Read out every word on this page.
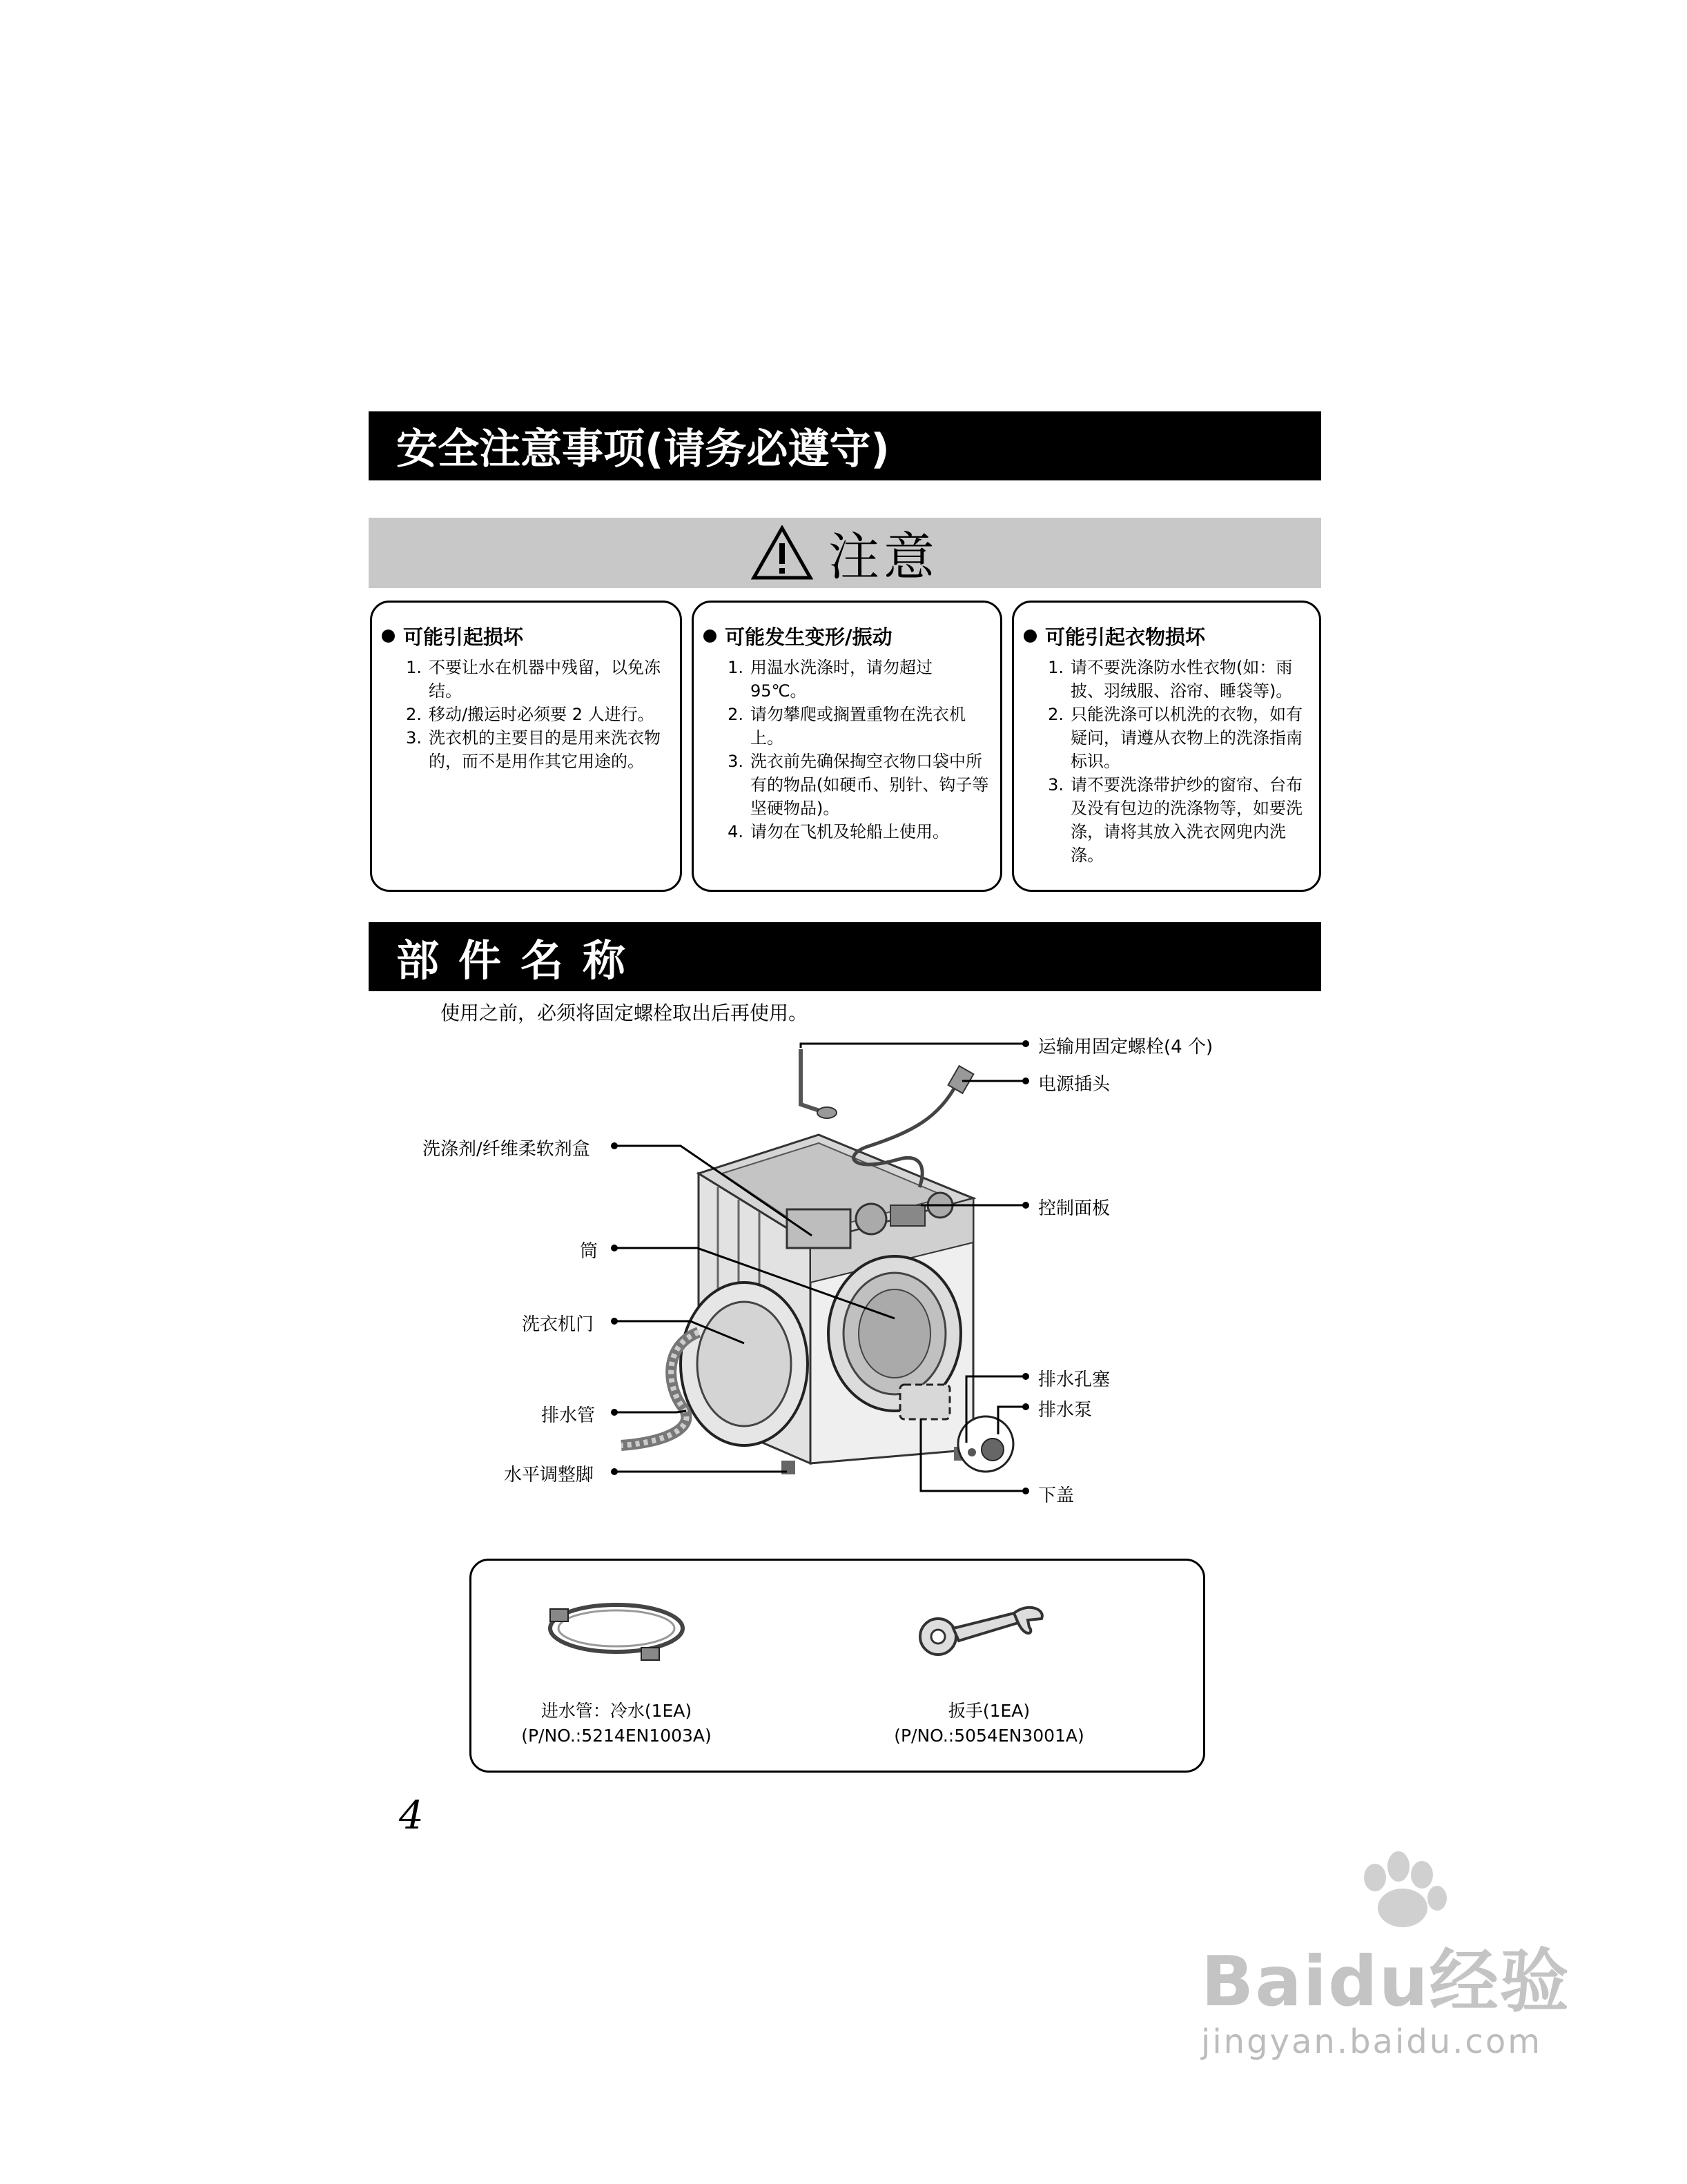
安全注意事项(请务必遵守)
注意
可能引起损坏
1. 不要让水在机器中残留，以免冻结。
2. 移动/搬运时必须要 2 人进行。
3. 洗衣机的主要目的是用来洗衣物的，而不是用作其它用途的。
可能发生变形/振动
1. 用温水洗涤时，请勿超过 95℃。
2. 请勿攀爬或搁置重物在洗衣机上。
3. 洗衣前先确保掏空衣物口袋中所有的物品(如硬币、别针、钩子等坚硬物品)。
4. 请勿在飞机及轮船上使用。
可能引起衣物损坏
1. 请不要洗涤防水性衣物(如：雨披、羽绒服、浴帘、睡袋等)。
2. 只能洗涤可以机洗的衣物，如有疑问，请遵从衣物上的洗涤指南标识。
3. 请不要洗涤带护纱的窗帘、台布及没有包边的洗涤物等，如要洗涤，请将其放入洗衣网兜内洗涤。
部件名称
使用之前，必须将固定螺栓取出后再使用。
运输用固定螺栓(4 个)
电源插头
洗涤剂/纤维柔软剂盒
控制面板
筒
洗衣机门
排水孔塞
排水泵
排水管
水平调整脚
下盖
进水管：冷水(1EA)
(P/NO.:5214EN1003A)
扳手(1EA)
(P/NO.:5054EN3001A)
4
Baidu经验
jingyan.baidu.com
